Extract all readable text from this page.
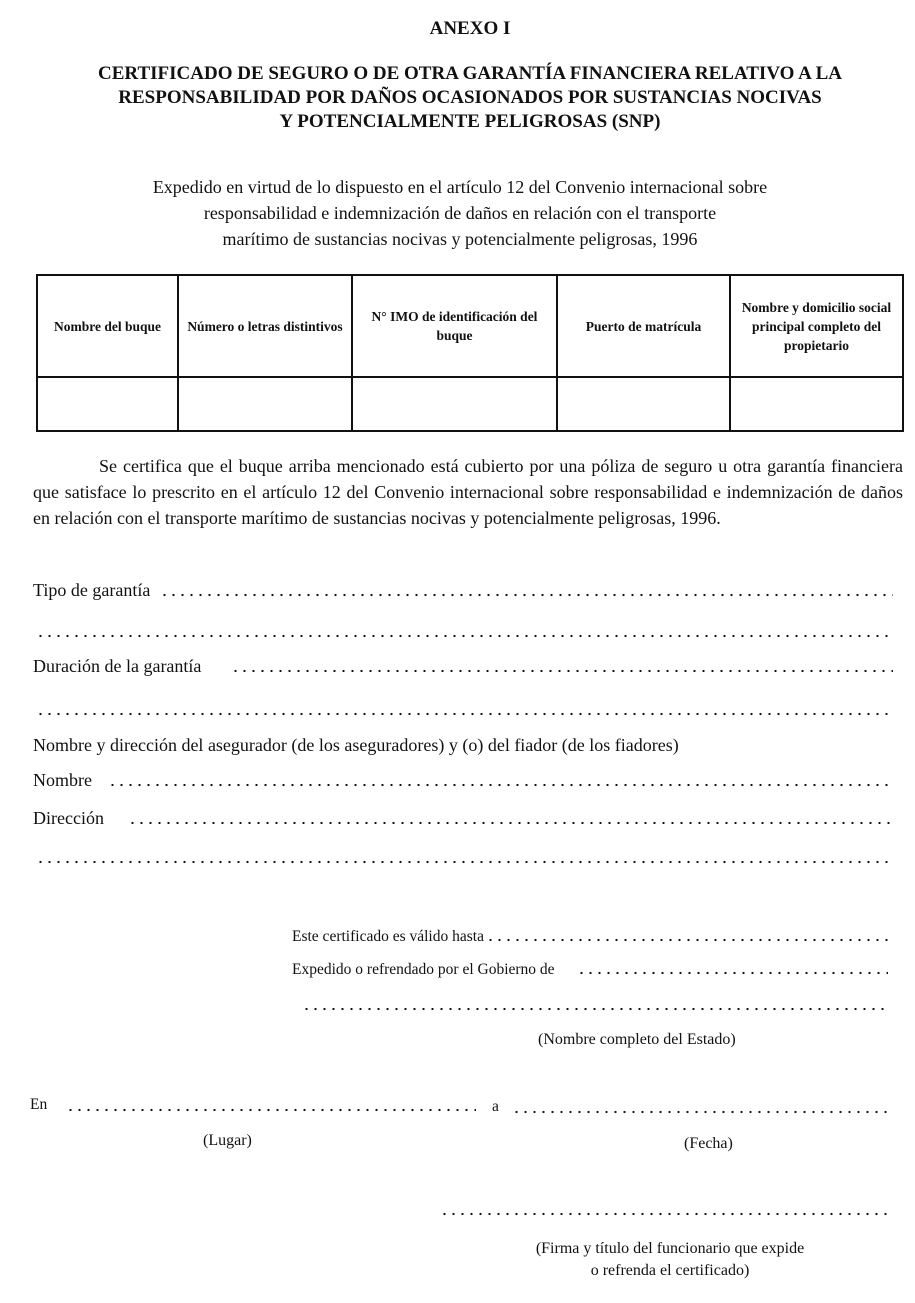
ANEXO I
CERTIFICADO DE SEGURO O DE OTRA GARANTÍA FINANCIERA RELATIVO A LA
RESPONSABILIDAD POR DAÑOS OCASIONADOS POR SUSTANCIAS NOCIVAS
Y POTENCIALMENTE PELIGROSAS (SNP)
Expedido en virtud de lo dispuesto en el artículo 12 del Convenio internacional sobre
responsabilidad e indemnización de daños en relación con el transporte
marítimo de sustancias nocivas y potencialmente peligrosas, 1996
Nombre del buque	Número o letras distintivos	N° IMO de identificación del buque	Puerto de matrícula	Nombre y domicilio social principal completo del propietario

Se certifica que el buque arriba mencionado está cubierto por una póliza de seguro u otra garantía financiera que satisface lo prescrito en el artículo 12 del Convenio internacional sobre responsabilidad e indemnización de daños en relación con el transporte marítimo de sustancias nocivas y potencialmente peligrosas, 1996.
Tipo de garantía
Duración de la garantía
Nombre y dirección del asegurador (de los aseguradores) y (o) del fiador (de los fiadores)
Nombre
Dirección
Este certificado es válido hasta
Expedido o refrendado por el Gobierno de
(Nombre completo del Estado)
En	a
(Lugar)	(Fecha)
(Firma y título del funcionario que expide
o refrenda el certificado)
